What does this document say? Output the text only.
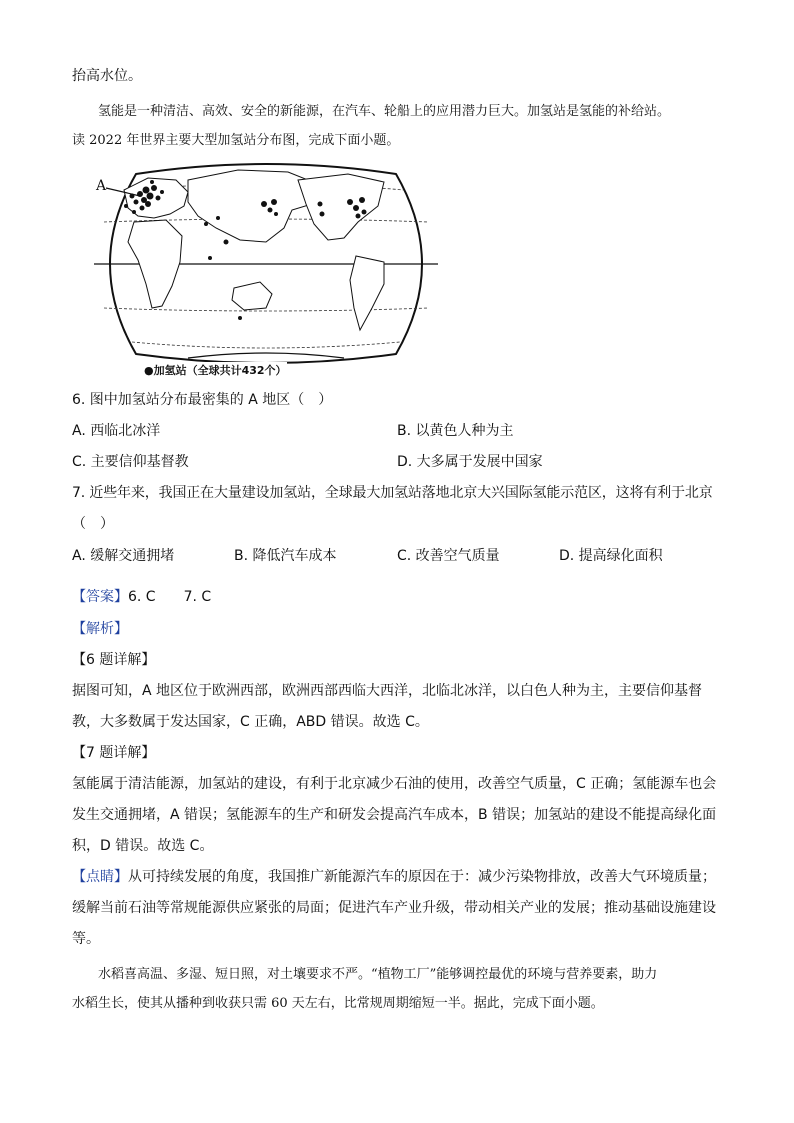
抬高水位。
氢能是一种清洁、高效、安全的新能源，在汽车、轮船上的应用潜力巨大。加氢站是氢能的补给站。
读 2022 年世界主要大型加氢站分布图，完成下面小题。
A
●加氢站（全球共计432个）
6. 图中加氢站分布最密集的 A 地区（　）
A. 西临北冰洋	B. 以黄色人种为主
C. 主要信仰基督教	D. 大多属于发展中国家
7. 近些年来，我国正在大量建设加氢站，全球最大加氢站落地北京大兴国际氢能示范区，这将有利于北京
（　）
A. 缓解交通拥堵	B. 降低汽车成本	C. 改善空气质量	D. 提高绿化面积
【答案】6. C　　7. C
【解析】
【6 题详解】
据图可知，A 地区位于欧洲西部，欧洲西部西临大西洋，北临北冰洋，以白色人种为主，主要信仰基督
教，大多数属于发达国家，C 正确，ABD 错误。故选 C。
【7 题详解】
氢能属于清洁能源，加氢站的建设，有利于北京减少石油的使用，改善空气质量，C 正确；氢能源车也会
发生交通拥堵，A 错误；氢能源车的生产和研发会提高汽车成本，B 错误；加氢站的建设不能提高绿化面
积，D 错误。故选 C。
【点睛】从可持续发展的角度，我国推广新能源汽车的原因在于：减少污染物排放，改善大气环境质量；
缓解当前石油等常规能源供应紧张的局面；促进汽车产业升级，带动相关产业的发展；推动基础设施建设
等。
水稻喜高温、多湿、短日照，对土壤要求不严。“植物工厂”能够调控最优的环境与营养要素，助力
水稻生长，使其从播种到收获只需 60 天左右，比常规周期缩短一半。据此，完成下面小题。
